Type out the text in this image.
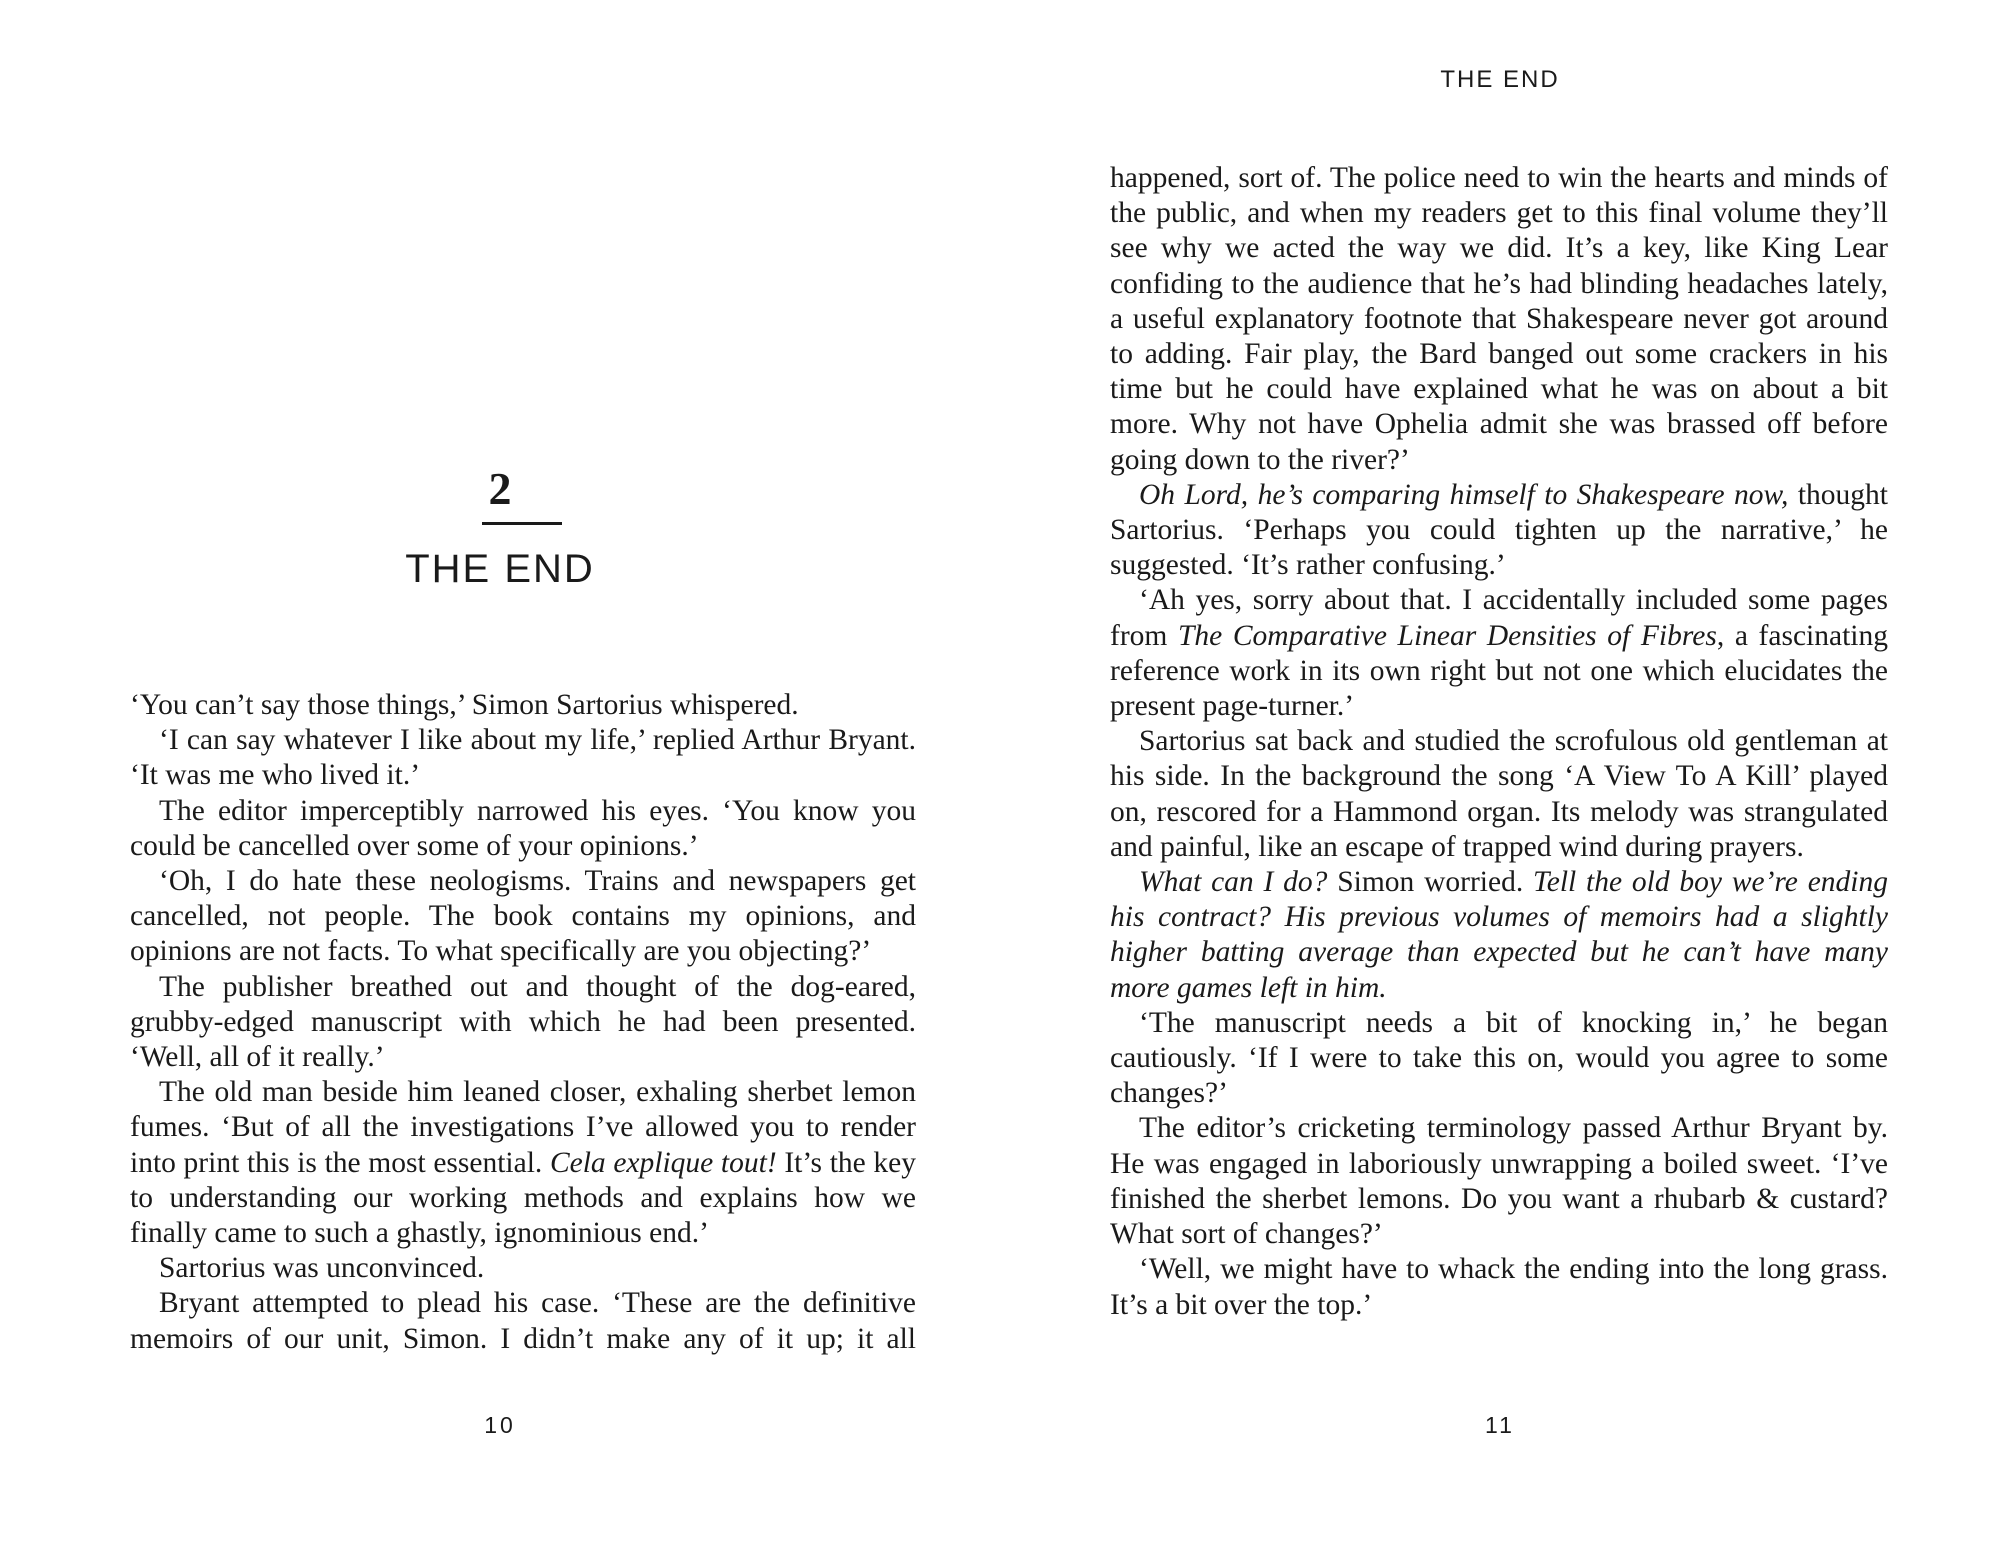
2
THE END

‘You can’t say those things,’ Simon Sartorius whispered.

‘I can say whatever I like about my life,’ replied Arthur Bryant. ‘It was me who lived it.’

The editor imperceptibly narrowed his eyes. ‘You know you could be cancelled over some of your opinions.’

‘Oh, I do hate these neologisms. Trains and newspapers get cancelled, not people. The book contains my opinions, and opinions are not facts. To what specifically are you objecting?’

The publisher breathed out and thought of the dog-eared, grubby-edged manuscript with which he had been presented. ‘Well, all of it really.’

The old man beside him leaned closer, exhaling sherbet lemon fumes. ‘But of all the investigations I’ve allowed you to render into print this is the most essential. Cela explique tout! It’s the key to understanding our working methods and explains how we finally came to such a ghastly, ignominious end.’

Sartorius was unconvinced.

Bryant attempted to plead his case. ‘These are the definitive memoirs of our unit, Simon. I didn’t make any of it up; it all

10
THE END

happened, sort of. The police need to win the hearts and minds of the public, and when my readers get to this final volume they’ll see why we acted the way we did. It’s a key, like King Lear confiding to the audience that he’s had blinding headaches lately, a useful explanatory footnote that Shakespeare never got around to adding. Fair play, the Bard banged out some crackers in his time but he could have explained what he was on about a bit more. Why not have Ophelia admit she was brassed off before going down to the river?’

Oh Lord, he’s comparing himself to Shakespeare now, thought Sartorius. ‘Perhaps you could tighten up the narrative,’ he suggested. ‘It’s rather confusing.’

‘Ah yes, sorry about that. I accidentally included some pages from The Comparative Linear Densities of Fibres, a fascinating reference work in its own right but not one which elucidates the present page-turner.’

Sartorius sat back and studied the scrofulous old gentleman at his side. In the background the song ‘A View To A Kill’ played on, rescored for a Hammond organ. Its melody was strangulated and painful, like an escape of trapped wind during prayers.

What can I do? Simon worried. Tell the old boy we’re ending his contract? His previous volumes of memoirs had a slightly higher batting average than expected but he can’t have many more games left in him.

‘The manuscript needs a bit of knocking in,’ he began cautiously. ‘If I were to take this on, would you agree to some changes?’

The editor’s cricketing terminology passed Arthur Bryant by. He was engaged in laboriously unwrapping a boiled sweet. ‘I’ve finished the sherbet lemons. Do you want a rhubarb & custard? What sort of changes?’

‘Well, we might have to whack the ending into the long grass. It’s a bit over the top.’

11
